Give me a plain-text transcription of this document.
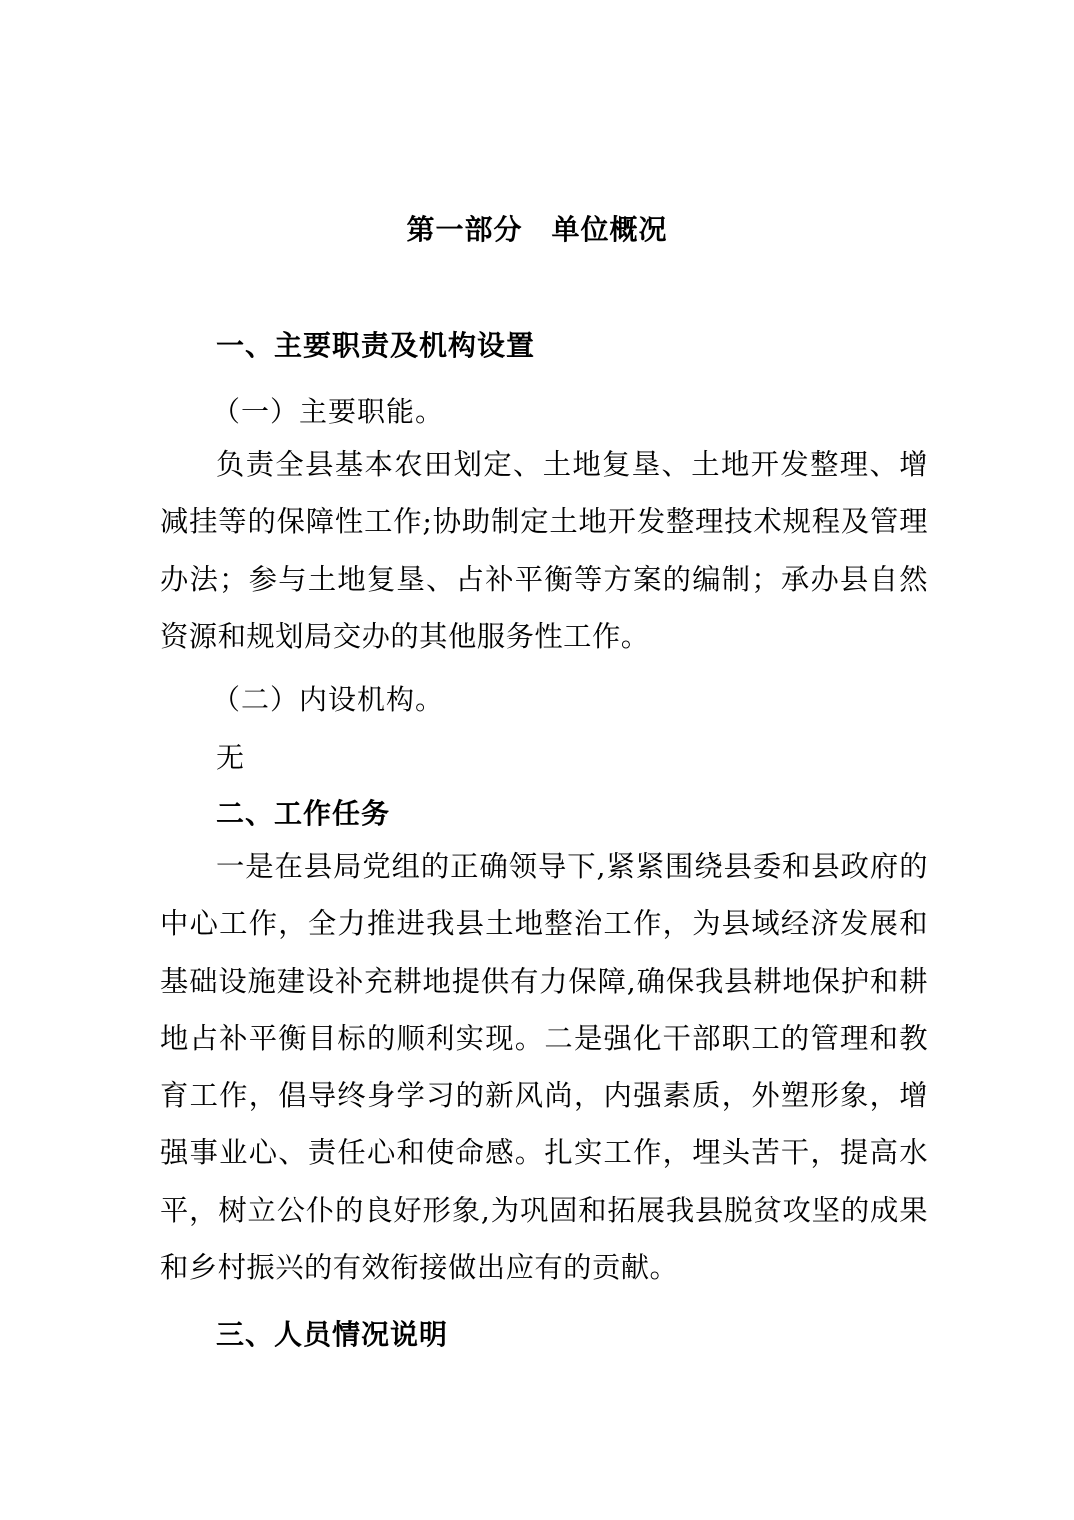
第一部分　单位概况
一、主要职责及机构设置
（一）主要职能。
负责全县基本农田划定、土地复垦、土地开发整理、增减挂等的保障性工作;协助制定土地开发整理技术规程及管理办法；参与土地复垦、占补平衡等方案的编制；承办县自然资源和规划局交办的其他服务性工作。
（二）内设机构。
无
二、工作任务
一是在县局党组的正确领导下,紧紧围绕县委和县政府的中心工作，全力推进我县土地整治工作，为县域经济发展和基础设施建设补充耕地提供有力保障,确保我县耕地保护和耕地占补平衡目标的顺利实现。二是强化干部职工的管理和教育工作，倡导终身学习的新风尚，内强素质，外塑形象，增强事业心、责任心和使命感。扎实工作，埋头苦干，提高水平，树立公仆的良好形象,为巩固和拓展我县脱贫攻坚的成果和乡村振兴的有效衔接做出应有的贡献。
三、人员情况说明
